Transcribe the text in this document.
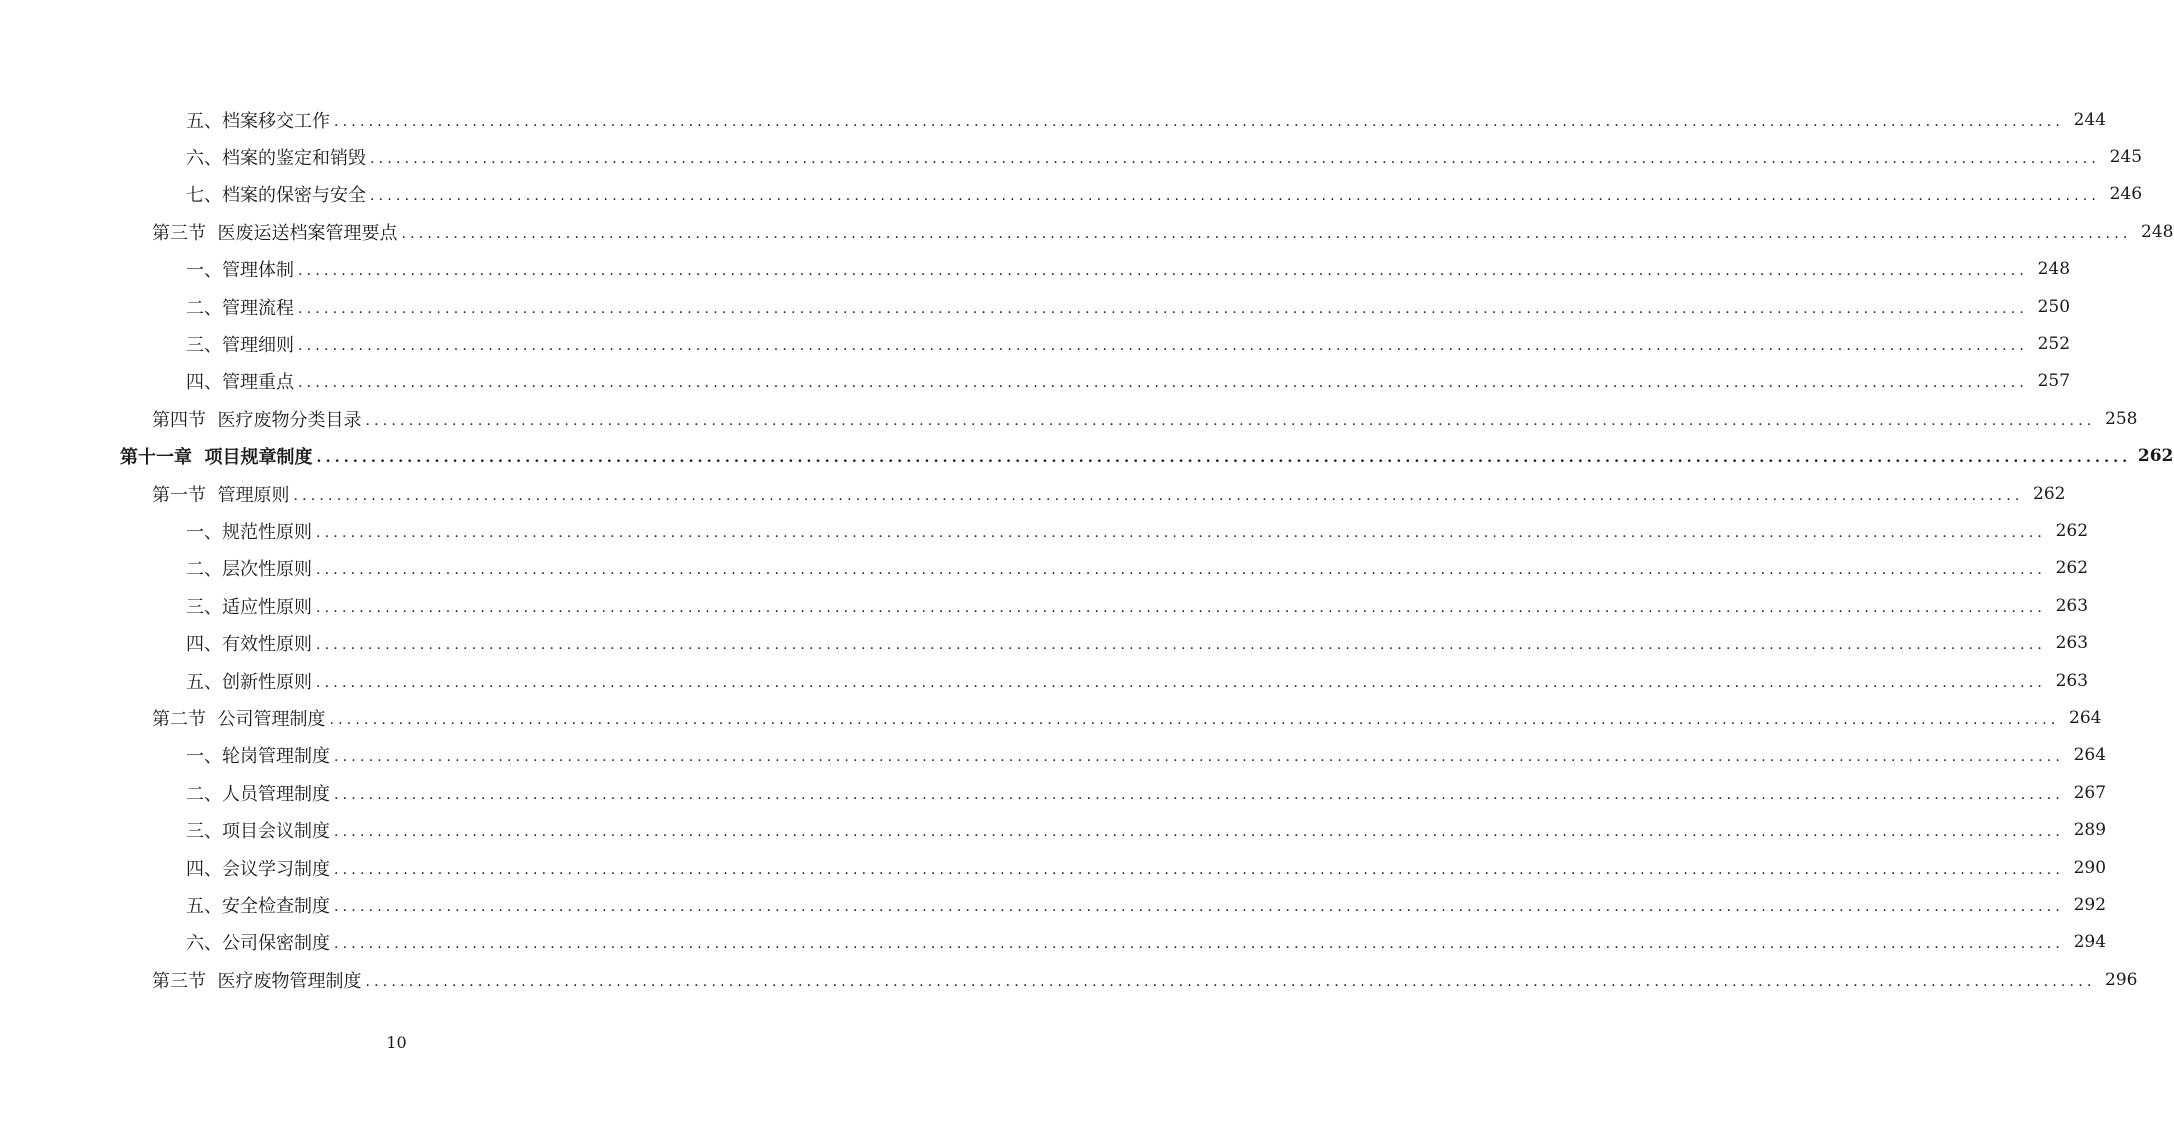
五、档案移交工作 ........................................................................................................................................................................................................ 244
六、档案的鉴定和销毁 ........................................................................................................................................................................................................ 245
七、档案的保密与安全 ........................................................................................................................................................................................................ 246
第三节  医废运送档案管理要点 ........................................................................................................................................................................................................ 248
一、管理体制 ........................................................................................................................................................................................................ 248
二、管理流程 ........................................................................................................................................................................................................ 250
三、管理细则 ........................................................................................................................................................................................................ 252
四、管理重点 ........................................................................................................................................................................................................ 257
第四节  医疗废物分类目录 ........................................................................................................................................................................................................ 258
第十一章  项目规章制度 ........................................................................................................................................................................................................ 262
第一节  管理原则 ........................................................................................................................................................................................................ 262
一、规范性原则 ........................................................................................................................................................................................................ 262
二、层次性原则 ........................................................................................................................................................................................................ 262
三、适应性原则 ........................................................................................................................................................................................................ 263
四、有效性原则 ........................................................................................................................................................................................................ 263
五、创新性原则 ........................................................................................................................................................................................................ 263
第二节  公司管理制度 ........................................................................................................................................................................................................ 264
一、轮岗管理制度 ........................................................................................................................................................................................................ 264
二、人员管理制度 ........................................................................................................................................................................................................ 267
三、项目会议制度 ........................................................................................................................................................................................................ 289
四、会议学习制度 ........................................................................................................................................................................................................ 290
五、安全检查制度 ........................................................................................................................................................................................................ 292
六、公司保密制度 ........................................................................................................................................................................................................ 294
第三节  医疗废物管理制度 ........................................................................................................................................................................................................ 296
10
